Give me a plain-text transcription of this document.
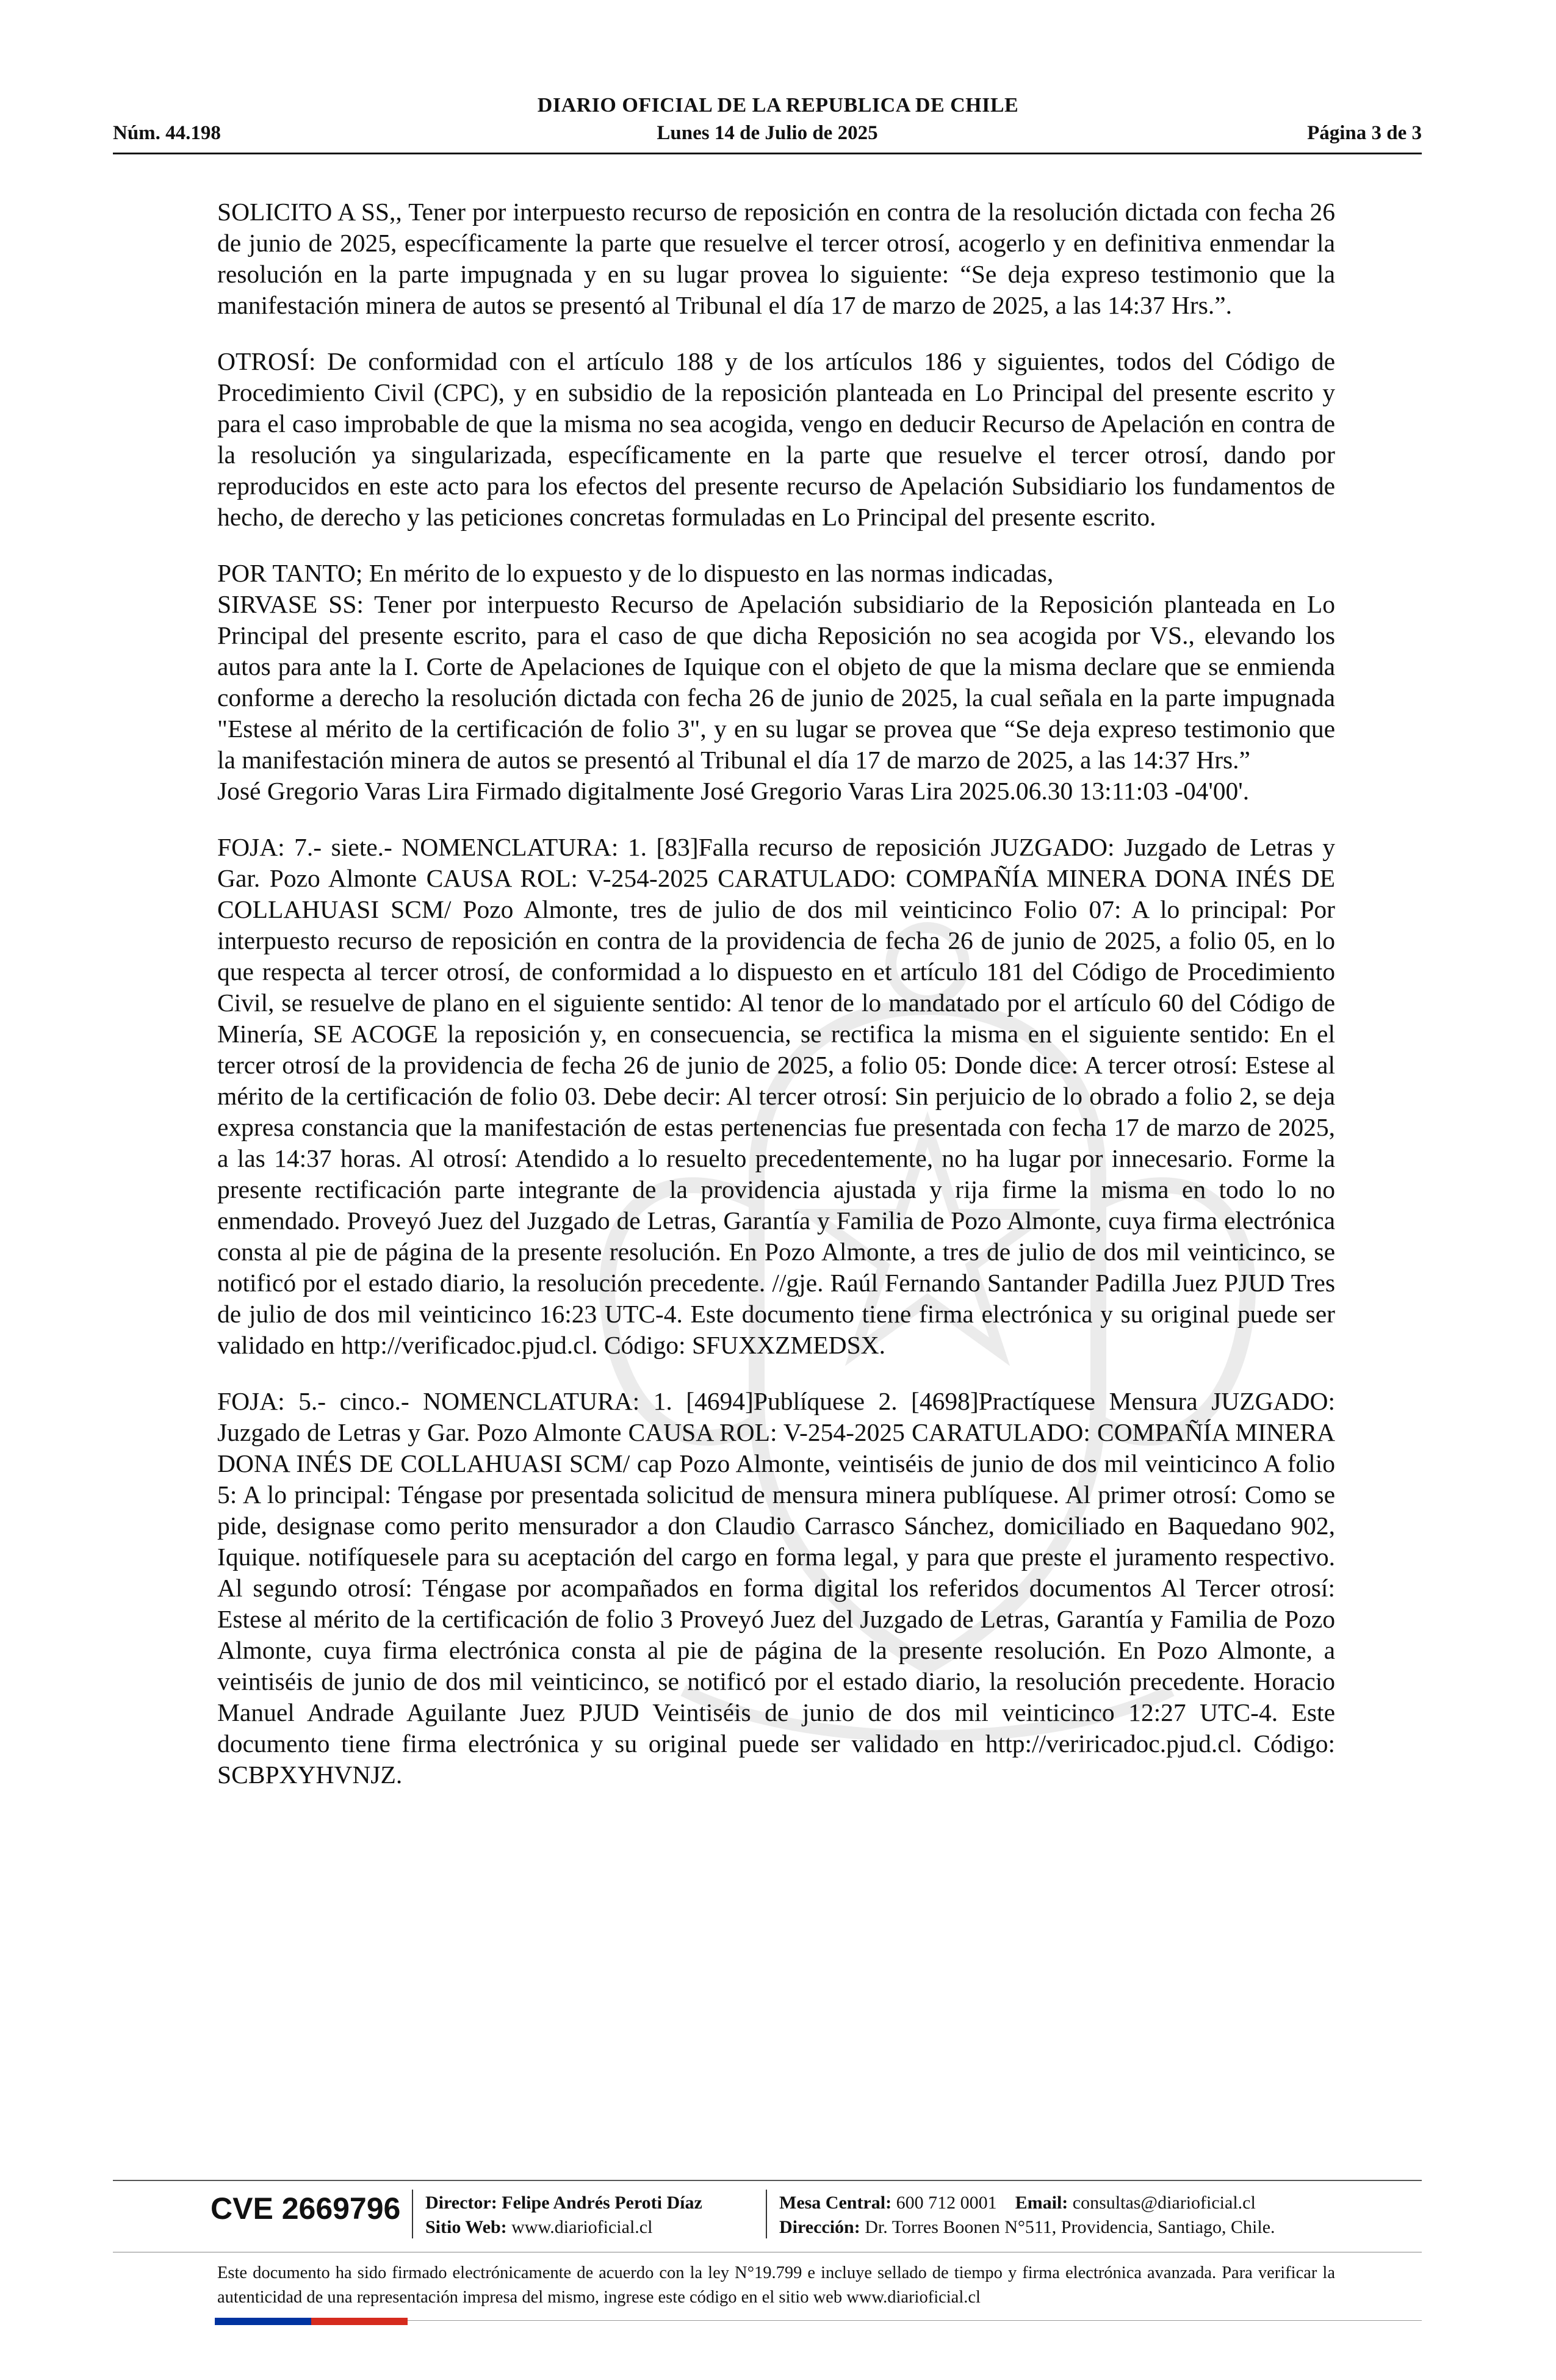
DIARIO OFICIAL DE LA REPUBLICA DE CHILE
Lunes 14 de Julio de 2025
Núm. 44.198	Página 3 de 3

SOLICITO A SS,, Tener por interpuesto recurso de reposición en contra de la resolución dictada con fecha 26 de junio de 2025, específicamente la parte que resuelve el tercer otrosí, acogerlo y en definitiva enmendar la resolución en la parte impugnada y en su lugar provea lo siguiente: “Se deja expreso testimonio que la manifestación minera de autos se presentó al Tribunal el día 17 de marzo de 2025, a las 14:37 Hrs.”.

OTROSÍ: De conformidad con el artículo 188 y de los artículos 186 y siguientes, todos del Código de Procedimiento Civil (CPC), y en subsidio de la reposición planteada en Lo Principal del presente escrito y para el caso improbable de que la misma no sea acogida, vengo en deducir Recurso de Apelación en contra de la resolución ya singularizada, específicamente en la parte que resuelve el tercer otrosí, dando por reproducidos en este acto para los efectos del presente recurso de Apelación Subsidiario los fundamentos de hecho, de derecho y las peticiones concretas formuladas en Lo Principal del presente escrito.

POR TANTO; En mérito de lo expuesto y de lo dispuesto en las normas indicadas,

SIRVASE SS: Tener por interpuesto Recurso de Apelación subsidiario de la Reposición planteada en Lo Principal del presente escrito, para el caso de que dicha Reposición no sea acogida por VS., elevando los autos para ante la I. Corte de Apelaciones de Iquique con el objeto de que la misma declare que se enmienda conforme a derecho la resolución dictada con fecha 26 de junio de 2025, la cual señala en la parte impugnada "Estese al mérito de la certificación de folio 3", y en su lugar se provea que “Se deja expreso testimonio que la manifestación minera de autos se presentó al Tribunal el día 17 de marzo de 2025, a las 14:37 Hrs.”

José Gregorio Varas Lira Firmado digitalmente José Gregorio Varas Lira 2025.06.30 13:11:03 -04'00'.

FOJA: 7.- siete.- NOMENCLATURA: 1. [83]Falla recurso de reposición JUZGADO: Juzgado de Letras y Gar. Pozo Almonte CAUSA ROL: V-254-2025 CARATULADO: COMPAÑÍA MINERA DONA INÉS DE COLLAHUASI SCM/ Pozo Almonte, tres de julio de dos mil veinticinco Folio 07: A lo principal: Por interpuesto recurso de reposición en contra de la providencia de fecha 26 de junio de 2025, a folio 05, en lo que respecta al tercer otrosí, de conformidad a lo dispuesto en et artículo 181 del Código de Procedimiento Civil, se resuelve de plano en el siguiente sentido: Al tenor de lo mandatado por el artículo 60 del Código de Minería, SE ACOGE la reposición y, en consecuencia, se rectifica la misma en el siguiente sentido: En el tercer otrosí de la providencia de fecha 26 de junio de 2025, a folio 05: Donde dice: A tercer otrosí: Estese al mérito de la certificación de folio 03. Debe decir: Al tercer otrosí: Sin perjuicio de lo obrado a folio 2, se deja expresa constancia que la manifestación de estas pertenencias fue presentada con fecha 17 de marzo de 2025, a las 14:37 horas. Al otrosí: Atendido a lo resuelto precedentemente, no ha lugar por innecesario. Forme la presente rectificación parte integrante de la providencia ajustada y rija firme la misma en todo lo no enmendado. Proveyó Juez del Juzgado de Letras, Garantía y Familia de Pozo Almonte, cuya firma electrónica consta al pie de página de la presente resolución. En Pozo Almonte, a tres de julio de dos mil veinticinco, se notificó por el estado diario, la resolución precedente. //gje. Raúl Fernando Santander Padilla Juez PJUD Tres de julio de dos mil veinticinco 16:23 UTC-4. Este documento tiene firma electrónica y su original puede ser validado en http://verificadoc.pjud.cl. Código: SFUXXZMEDSX.

FOJA: 5.- cinco.- NOMENCLATURA: 1. [4694]Publíquese 2. [4698]Practíquese Mensura JUZGADO: Juzgado de Letras y Gar. Pozo Almonte CAUSA ROL: V-254-2025 CARATULADO: COMPAÑÍA MINERA DONA INÉS DE COLLAHUASI SCM/ cap Pozo Almonte, veintiséis de junio de dos mil veinticinco A folio 5: A lo principal: Téngase por presentada solicitud de mensura minera publíquese. Al primer otrosí: Como se pide, designase como perito mensurador a don Claudio Carrasco Sánchez, domiciliado en Baquedano 902, Iquique. notifíquesele para su aceptación del cargo en forma legal, y para que preste el juramento respectivo. Al segundo otrosí: Téngase por acompañados en forma digital los referidos documentos Al Tercer otrosí: Estese al mérito de la certificación de folio 3 Proveyó Juez del Juzgado de Letras, Garantía y Familia de Pozo Almonte, cuya firma electrónica consta al pie de página de la presente resolución. En Pozo Almonte, a veintiséis de junio de dos mil veinticinco, se notificó por el estado diario, la resolución precedente. Horacio Manuel Andrade Aguilante Juez PJUD Veintiséis de junio de dos mil veinticinco 12:27 UTC-4. Este documento tiene firma electrónica y su original puede ser validado en http://veriricadoc.pjud.cl. Código: SCBPXYHVNJZ.

CVE 2669796 Director: Felipe Andrés Peroti Díaz
Sitio Web: www.diarioficial.cl
Mesa Central: 600 712 0001 Email: consultas@diarioficial.cl
Dirección: Dr. Torres Boonen N°511, Providencia, Santiago, Chile.
Este documento ha sido firmado electrónicamente de acuerdo con la ley N°19.799 e incluye sellado de tiempo y firma electrónica avanzada. Para verificar la autenticidad de una representación impresa del mismo, ingrese este código en el sitio web www.diarioficial.cl
